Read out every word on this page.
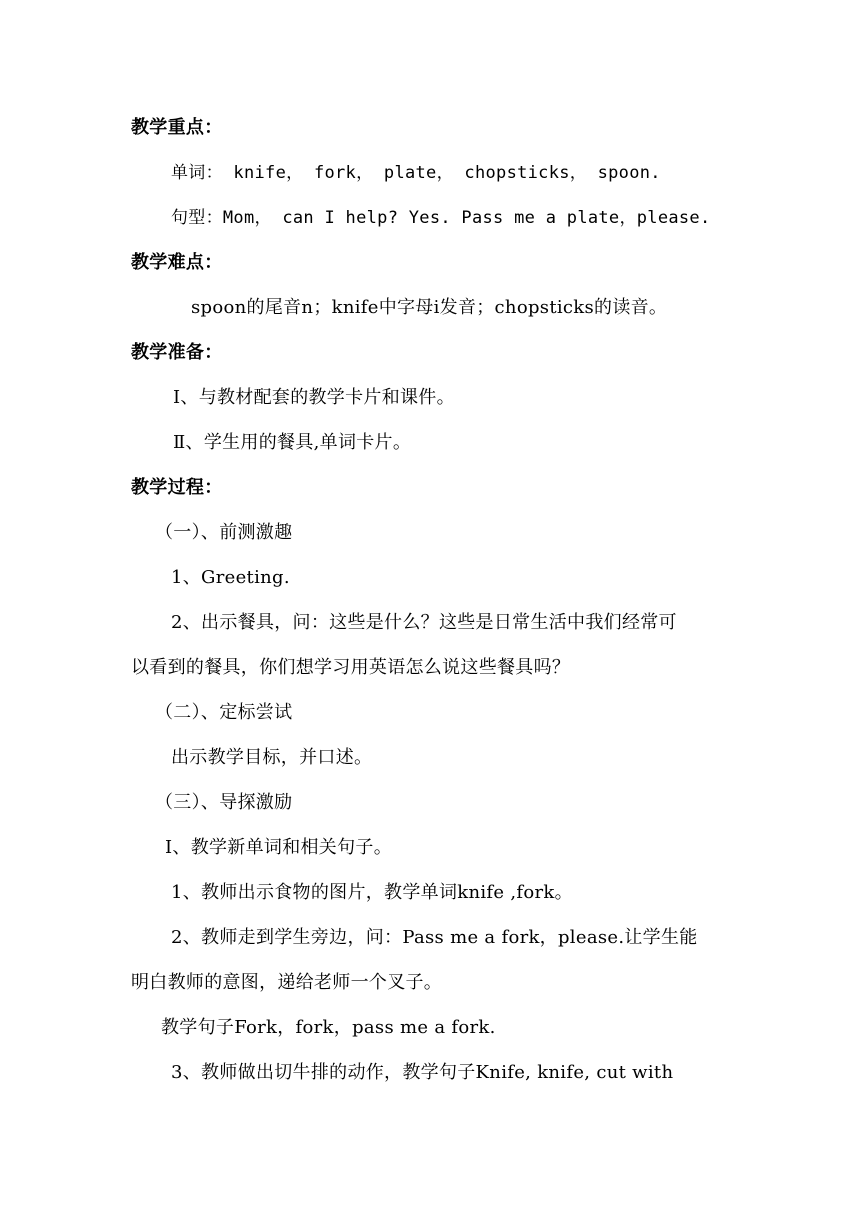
教学重点：
单词： knife， fork， plate， chopsticks， spoon.
句型：Mom， can I help? Yes. Pass me a plate，please.
教学难点：
spoon的尾音n；knife中字母i发音；chopsticks的读音。
教学准备：
Ⅰ、与教材配套的教学卡片和课件。
Ⅱ、学生用的餐具,单词卡片。
教学过程：
（一）、前测激趣
1、Greeting.
2、出示餐具，问：这些是什么？这些是日常生活中我们经常可
以看到的餐具，你们想学习用英语怎么说这些餐具吗？
（二）、定标尝试
出示教学目标，并口述。
（三）、导探激励
Ⅰ、教学新单词和相关句子。
1、教师出示食物的图片，教学单词knife ,fork。
2、教师走到学生旁边，问：Pass me a fork，please.让学生能
明白教师的意图，递给老师一个叉子。
教学句子Fork，fork，pass me a fork.
3、教师做出切牛排的动作，教学句子Knife, knife, cut with
